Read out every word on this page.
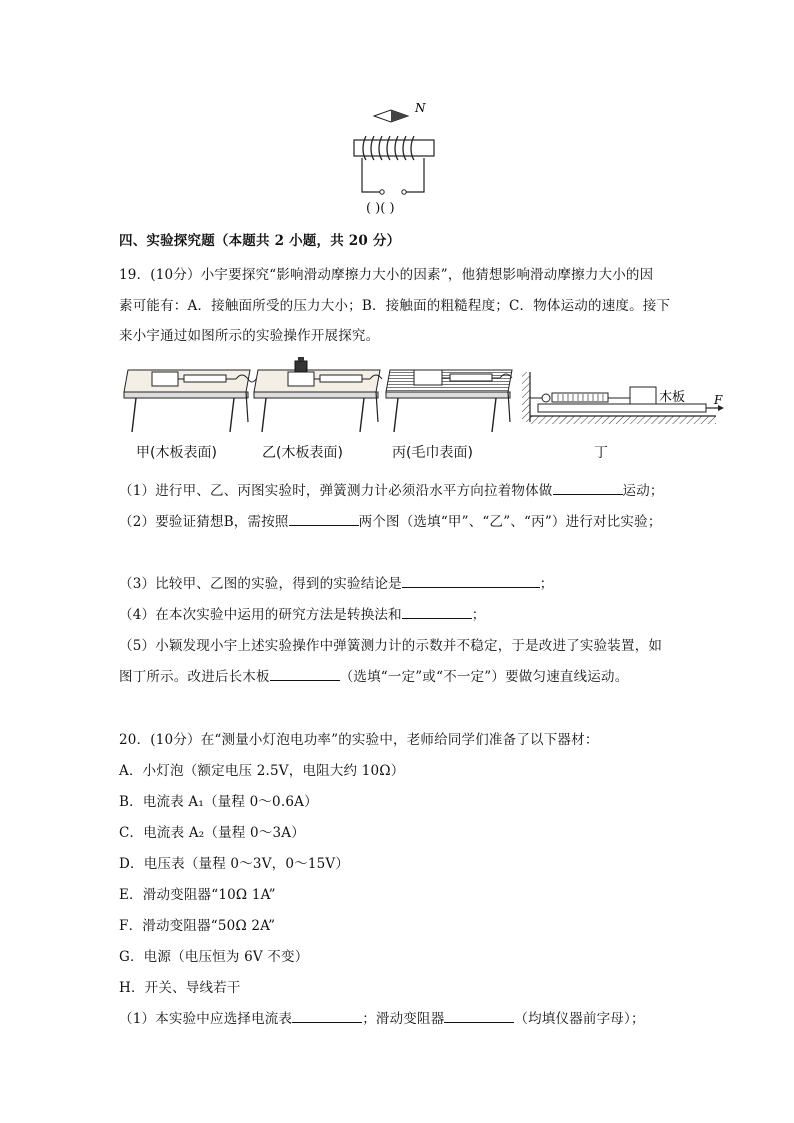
N
( )( )
四、实验探究题（本题共 2 小题，共 20 分）
19．(10分）小宇要探究“影响滑动摩擦力大小的因素”，他猜想影响滑动摩擦力大小的因
素可能有：A．接触面所受的压力大小；B．接触面的粗糙程度；C．物体运动的速度。接下
来小宇通过如图所示的实验操作开展探究。
木板 F
甲(木板表面)	乙(木板表面)	丙(毛巾表面)	丁
（1）进行甲、乙、丙图实验时，弹簧测力计必须沿水平方向拉着物体做	运动；
（2）要验证猜想B，需按照	两个图（选填“甲”、“乙”、“丙”）进行对比实验；
（3）比较甲、乙图的实验，得到的实验结论是	；
（4）在本次实验中运用的研究方法是转换法和	；
（5）小颖发现小宇上述实验操作中弹簧测力计的示数并不稳定，于是改进了实验装置，如
图丁所示。改进后长木板	（选填“一定”或“不一定”）要做匀速直线运动。
20．(10分）在“测量小灯泡电功率”的实验中，老师给同学们准备了以下器材：
A．小灯泡（额定电压 2.5V，电阻大约 10Ω）
B．电流表 A₁（量程 0～0.6A）
C．电流表 A₂（量程 0～3A）
D．电压表（量程 0～3V，0～15V）
E．滑动变阻器“10Ω 1A”
F．滑动变阻器“50Ω 2A”
G．电源（电压恒为 6V 不变）
H．开关、导线若干
（1）本实验中应选择电流表	；滑动变阻器	（均填仪器前字母）；
